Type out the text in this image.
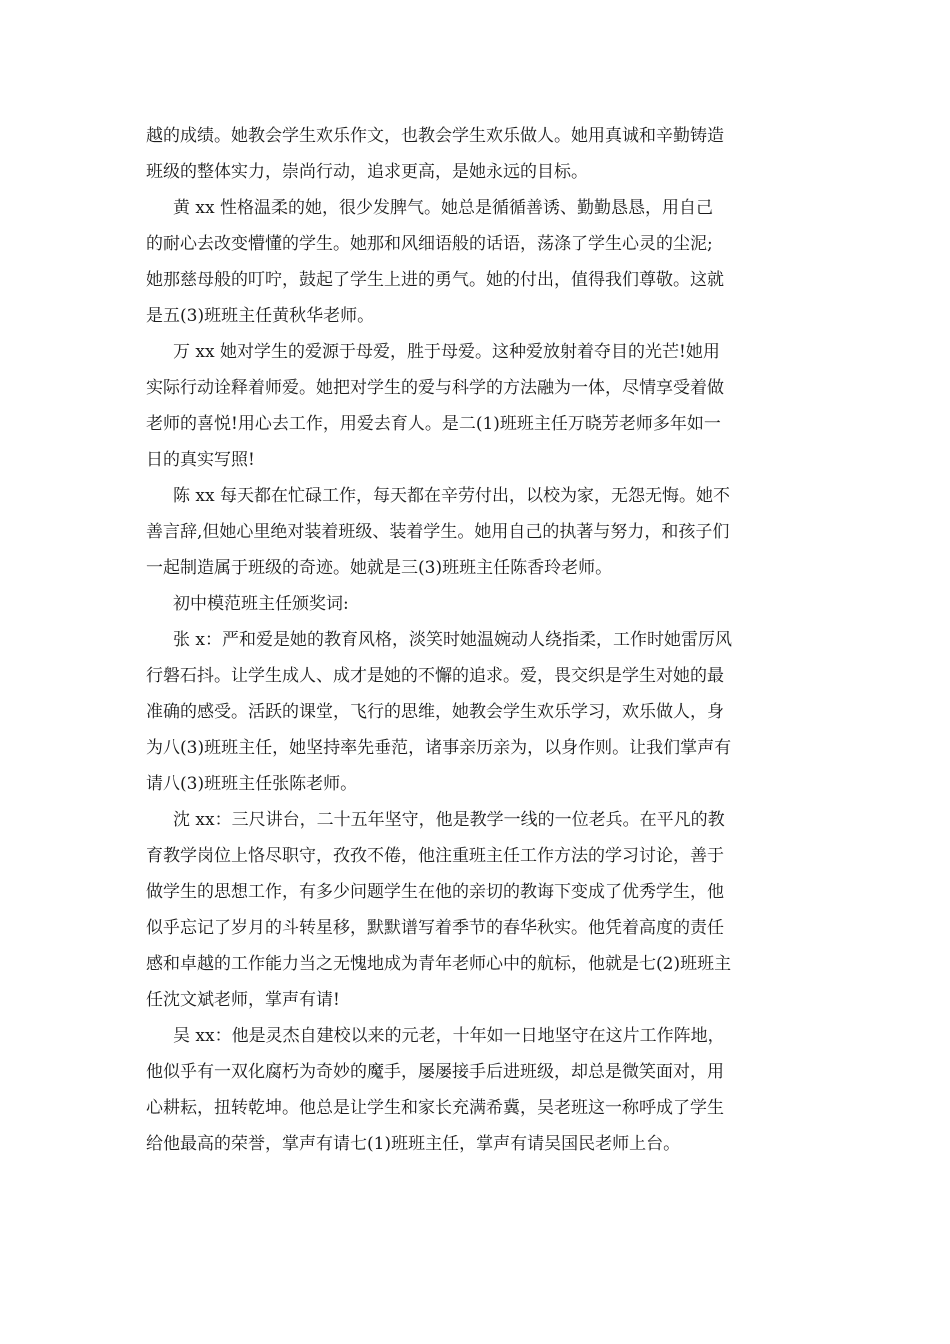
越的成绩。她教会学生欢乐作文，也教会学生欢乐做人。她用真诚和辛勤铸造
班级的整体实力，崇尚行动，追求更高，是她永远的目标。
黄 xx 性格温柔的她，很少发脾气。她总是循循善诱、勤勤恳恳，用自己
的耐心去改变懵懂的学生。她那和风细语般的话语，荡涤了学生心灵的尘泥;
她那慈母般的叮咛，鼓起了学生上进的勇气。她的付出，值得我们尊敬。这就
是五(3)班班主任黄秋华老师。
万 xx 她对学生的爱源于母爱，胜于母爱。这种爱放射着夺目的光芒!她用
实际行动诠释着师爱。她把对学生的爱与科学的方法融为一体，尽情享受着做
老师的喜悦!用心去工作，用爱去育人。是二(1)班班主任万晓芳老师多年如一
日的真实写照!
陈 xx 每天都在忙碌工作，每天都在辛劳付出，以校为家，无怨无悔。她不
善言辞,但她心里绝对装着班级、装着学生。她用自己的执著与努力，和孩子们
一起制造属于班级的奇迹。她就是三(3)班班主任陈香玲老师。
初中模范班主任颁奖词:
张 x：严和爱是她的教育风格，淡笑时她温婉动人绕指柔，工作时她雷厉风
行磐石抖。让学生成人、成才是她的不懈的追求。爱，畏交织是学生对她的最
准确的感受。活跃的课堂，飞行的思维，她教会学生欢乐学习，欢乐做人，身
为八(3)班班主任，她坚持率先垂范，诸事亲历亲为，以身作则。让我们掌声有
请八(3)班班主任张陈老师。
沈 xx：三尺讲台，二十五年坚守，他是教学一线的一位老兵。在平凡的教
育教学岗位上恪尽职守，孜孜不倦，他注重班主任工作方法的学习讨论，善于
做学生的思想工作，有多少问题学生在他的亲切的教诲下变成了优秀学生，他
似乎忘记了岁月的斗转星移，默默谱写着季节的春华秋实。他凭着高度的责任
感和卓越的工作能力当之无愧地成为青年老师心中的航标，他就是七(2)班班主
任沈文斌老师，掌声有请!
吴 xx：他是灵杰自建校以来的元老，十年如一日地坚守在这片工作阵地，
他似乎有一双化腐朽为奇妙的魔手，屡屡接手后进班级，却总是微笑面对，用
心耕耘，扭转乾坤。他总是让学生和家长充满希冀，吴老班这一称呼成了学生
给他最高的荣誉，掌声有请七(1)班班主任，掌声有请吴国民老师上台。
